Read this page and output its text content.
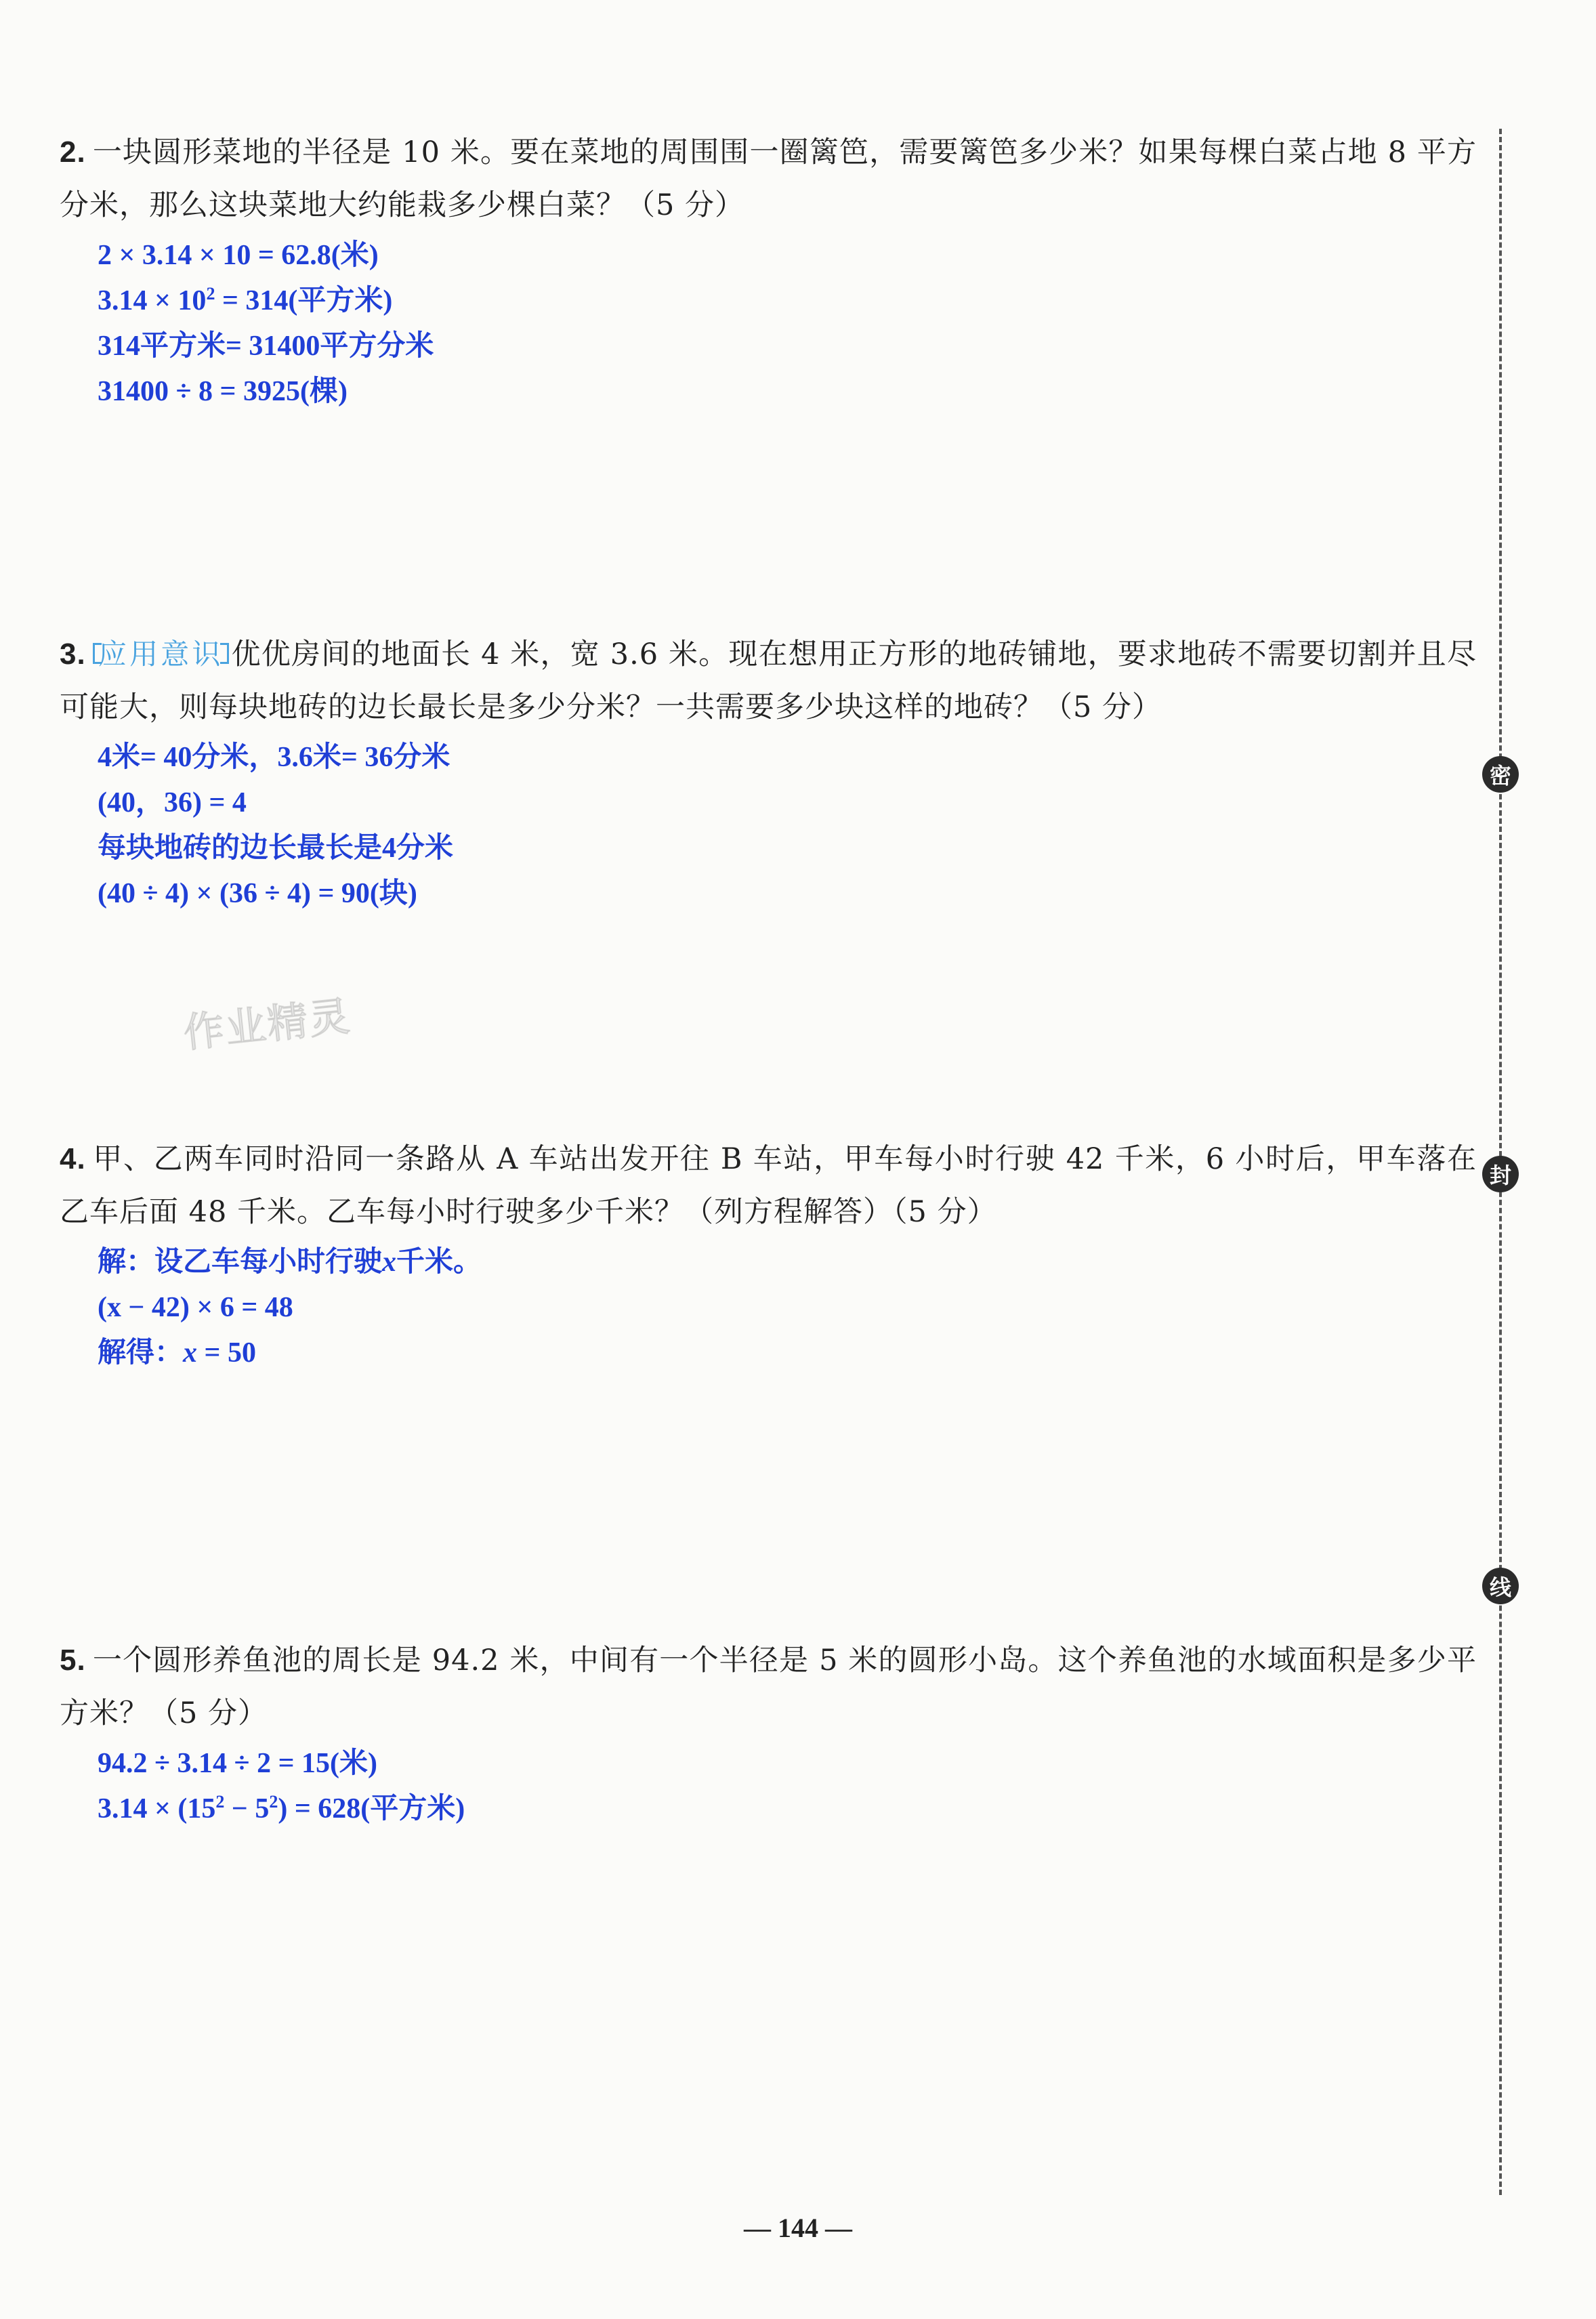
密
封
线
作业精灵

2. 一块圆形菜地的半径是 10 米。要在菜地的周围围一圈篱笆，需要篱笆多少米？如果每棵白菜占地 8 平方分米，那么这块菜地大约能栽多少棵白菜？（5 分）

2 × 3.14 × 10 = 62.8(米)

$3.14 \times 10^2 = 314$(平方米)

314平方米= 31400平方分米

31400 ÷ 8 = 3925(棵)

3. 应用意识 优优房间的地面长 4 米，宽 3.6 米。现在想用正方形的地砖铺地，要求地砖不需要切割并且尽可能大，则每块地砖的边长最长是多少分米？一共需要多少块这样的地砖？（5 分）

4米= 40分米，3.6米= 36分米

(40，36) = 4

每块地砖的边长最长是4分米

(40 ÷ 4) × (36 ÷ 4) = 90(块)

4. 甲、乙两车同时沿同一条路从 A 车站出发开往 B 车站，甲车每小时行驶 42 千米，6 小时后，甲车落在乙车后面 48 千米。乙车每小时行驶多少千米？（列方程解答）（5 分）

解：设乙车每小时行驶x千米。

(x − 42) × 6 = 48

解得：x = 50

5. 一个圆形养鱼池的周长是 94.2 米，中间有一个半径是 5 米的圆形小岛。这个养鱼池的水域面积是多少平方米？（5 分）

94.2 ÷ 3.14 ÷ 2 = 15(米)

$3.14 \times (15^2 - 5^2) = 628$(平方米)

— 144 —
